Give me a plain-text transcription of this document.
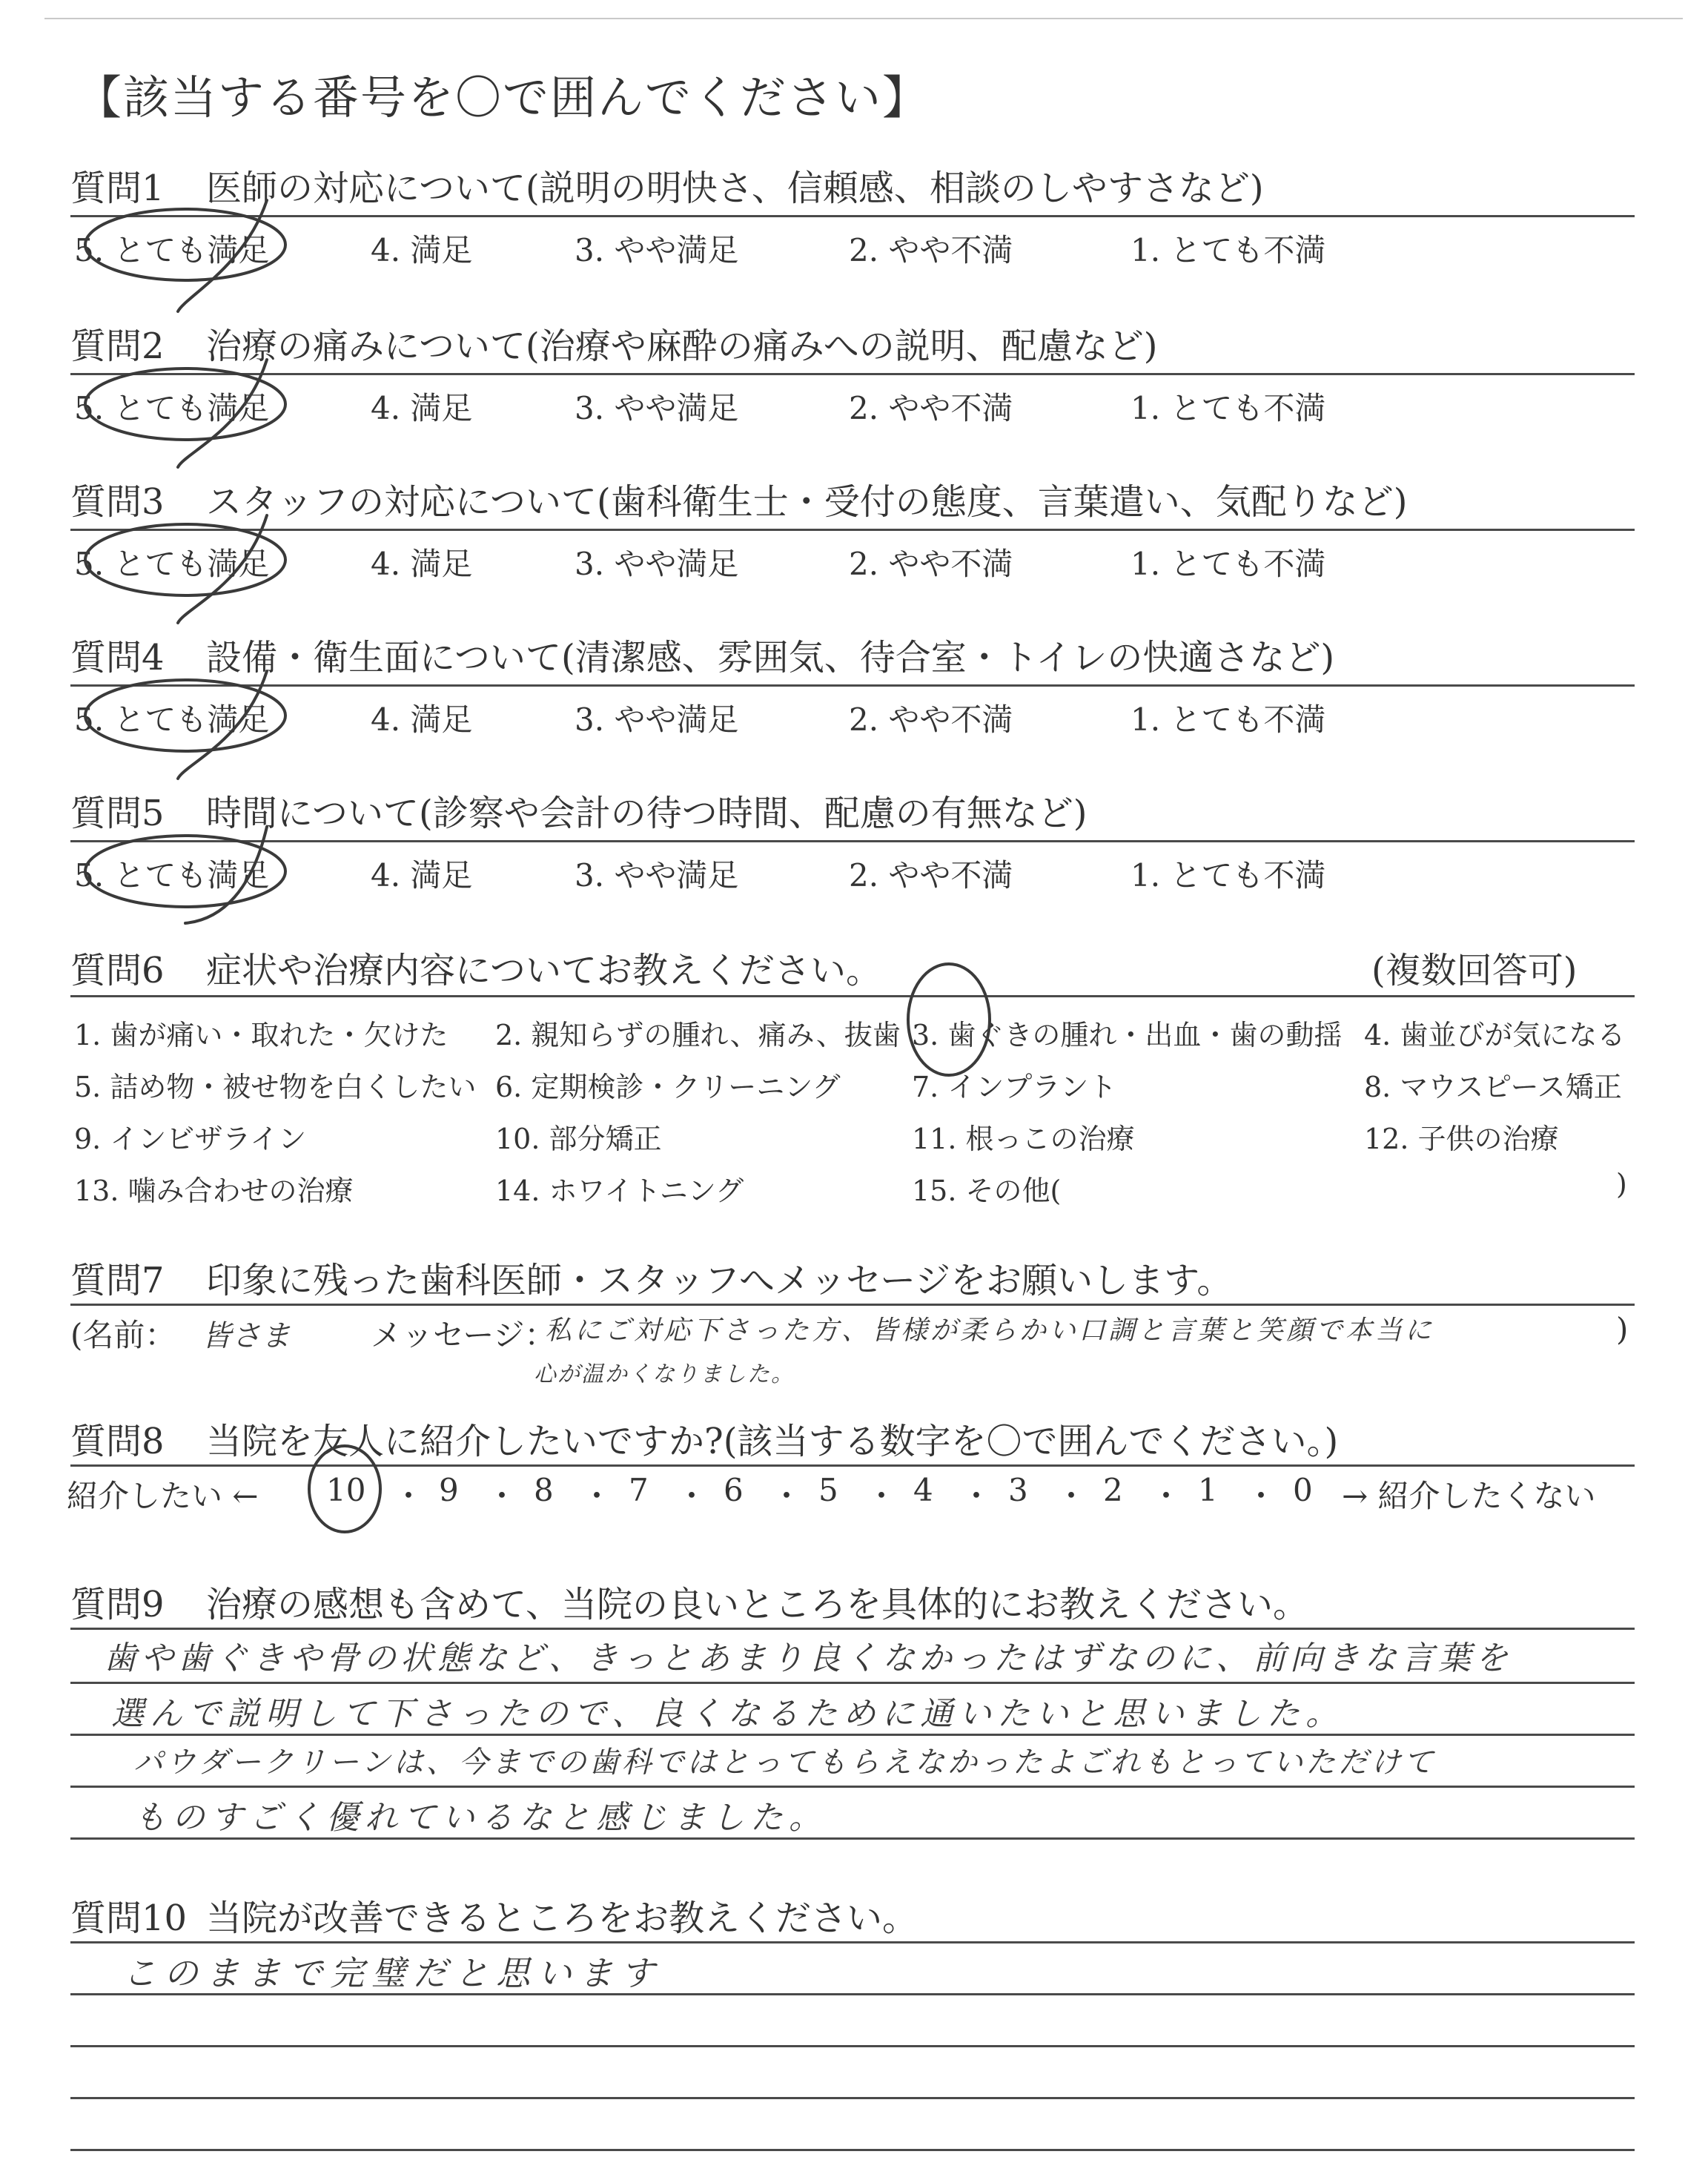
【該当する番号を〇で囲んでください】
質問1 医師の対応について(説明の明快さ、信頼感、相談のしやすさなど)
5. とても満足	4. 満足	3. やや満足	2. やや不満	1. とても不満
質問2 治療の痛みについて(治療や麻酔の痛みへの説明、配慮など)
5. とても満足	4. 満足	3. やや満足	2. やや不満	1. とても不満
質問3 スタッフの対応について(歯科衛生士・受付の態度、言葉遣い、気配りなど)
5. とても満足	4. 満足	3. やや満足	2. やや不満	1. とても不満
質問4 設備・衛生面について(清潔感、雰囲気、待合室・トイレの快適さなど)
5. とても満足	4. 満足	3. やや満足	2. やや不満	1. とても不満
質問5 時間について(診察や会計の待つ時間、配慮の有無など)
5. とても満足	4. 満足	3. やや満足	2. やや不満	1. とても不満
質問6 症状や治療内容についてお教えください。	(複数回答可)
1. 歯が痛い・取れた・欠けた 2. 親知らずの腫れ、痛み、抜歯 3. 歯ぐきの腫れ・出血・歯の動揺 4. 歯並びが気になる
5. 詰め物・被せ物を白くしたい 6. 定期検診・クリーニング	7. インプラント	8. マウスピース矯正
9. インビザライン	10. 部分矯正	11. 根っこの治療	12. 子供の治療
13. 噛み合わせの治療	14. ホワイトニング	15. その他(	)
質問7 印象に残った歯科医師・スタッフへメッセージをお願いします。
(名前： 皆さま	メッセージ：
私にご対応下さった方、皆様が柔らかい口調と言葉と笑顔で本当に
心が温かくなりました。
)
質問8 当院を友人に紹介したいですか?(該当する数字を〇で囲んでください。)
紹介したい ← 10 ・ 9 ・ 8 ・ 7 ・ 6 ・ 5 ・ 4 ・ 3 ・ 2 ・ 1 ・ 0 → 紹介したくない
質問9 治療の感想も含めて、当院の良いところを具体的にお教えください。
歯や歯ぐきや骨の状態など、きっとあまり良くなかったはずなのに、前向きな言葉を
選んで説明して下さったので、良くなるために通いたいと思いました。
パウダークリーンは、今までの歯科ではとってもらえなかったよごれもとっていただけて
ものすごく優れているなと感じました。
質問10 当院が改善できるところをお教えください。
このままで完璧だと思います
